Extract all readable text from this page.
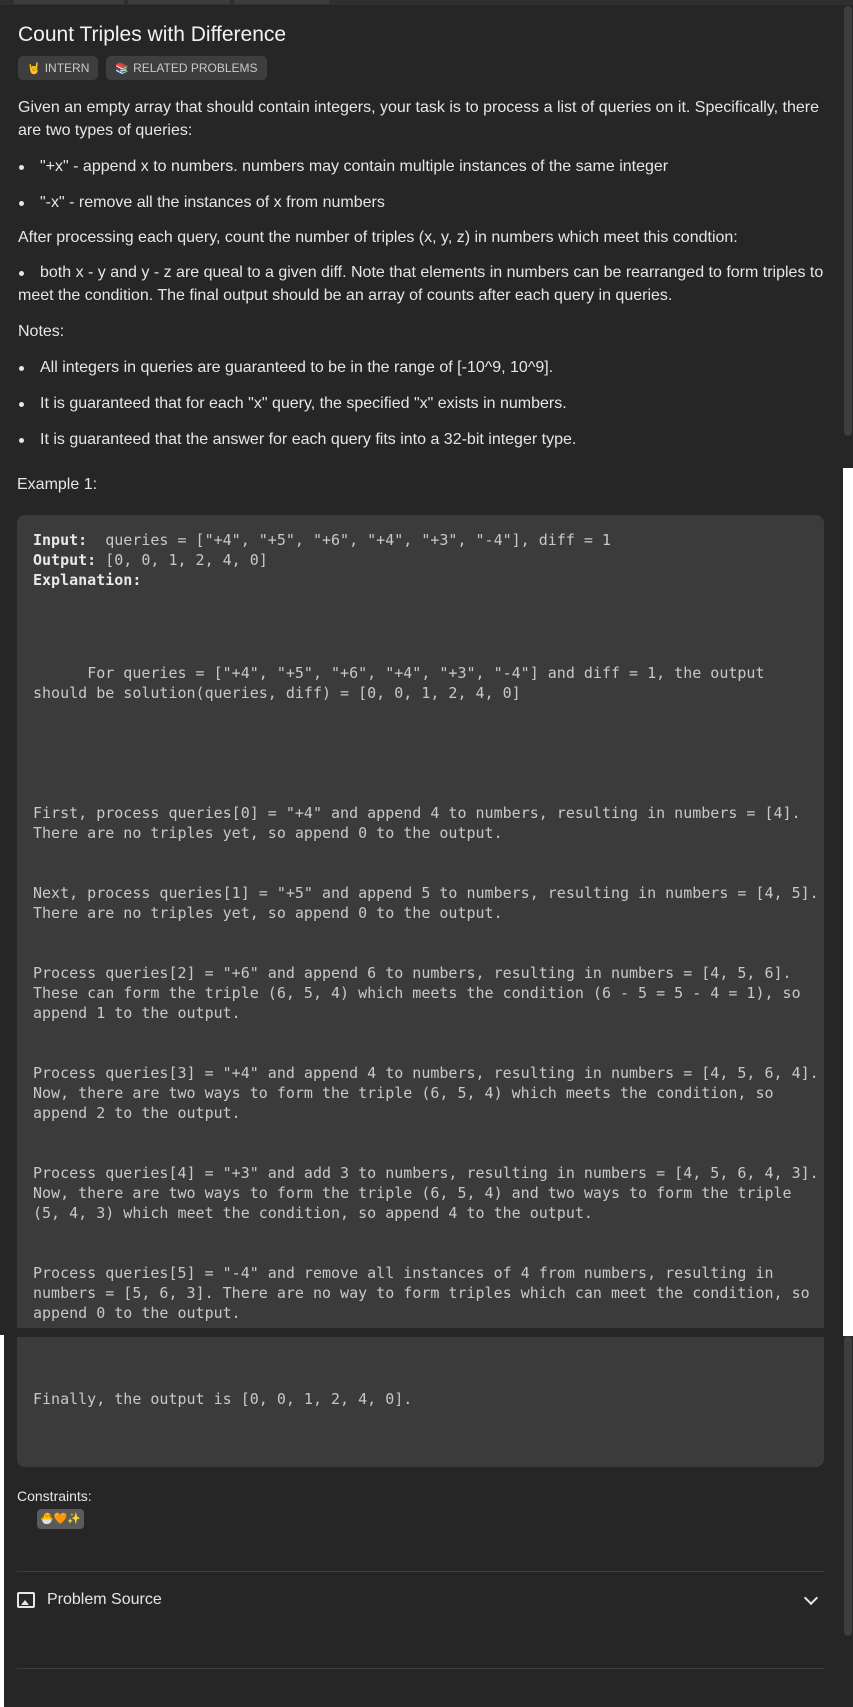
Count Triples with Difference
🤘 INTERN 📚 RELATED PROBLEMS

Given an empty array that should contain integers, your task is to process a list of queries on it. Specifically, there are two types of queries:

"+x" - append x to numbers. numbers may contain multiple instances of the same integer
"-x" - remove all the instances of x from numbers

After processing each query, count the number of triples (x, y, z) in numbers which meet this condtion:

both x - y and y - z are queal to a given diff. Note that elements in numbers can be rearranged to form triples to meet the condition. The final output should be an array of counts after each query in queries.

Notes:

All integers in queries are guaranteed to be in the range of [-10^9, 10^9].
It is guaranteed that for each "x" query, the specified "x" exists in numbers.
It is guaranteed that the answer for each query fits into a 32-bit integer type.

Example 1:

Input:  queries = ["+4", "+5", "+6", "+4", "+3", "-4"], diff = 1
Output: [0, 0, 1, 2, 4, 0]
Explanation:
For queries = ["+4", "+5", "+6", "+4", "+3", "-4"] and diff = 1, the output should be solution(queries, diff) = [0, 0, 1, 2, 4, 0]
First, process queries[0] = "+4" and append 4 to numbers, resulting in numbers = [4]. There are no triples yet, so append 0 to the output.
Next, process queries[1] = "+5" and append 5 to numbers, resulting in numbers = [4, 5]. There are no triples yet, so append 0 to the output.
Process queries[2] = "+6" and append 6 to numbers, resulting in numbers = [4, 5, 6]. These can form the triple (6, 5, 4) which meets the condition (6 - 5 = 5 - 4 = 1), so append 1 to the output.
Process queries[3] = "+4" and append 4 to numbers, resulting in numbers = [4, 5, 6, 4]. Now, there are two ways to form the triple (6, 5, 4) which meets the condition, so append 2 to the output.
Process queries[4] = "+3" and add 3 to numbers, resulting in numbers = [4, 5, 6, 4, 3]. Now, there are two ways to form the triple (6, 5, 4) and two ways to form the triple (5, 4, 3) which meet the condition, so append 4 to the output.
Process queries[5] = "-4" and remove all instances of 4 from numbers, resulting in numbers = [5, 6, 3]. There are no way to form triples which can meet the condition, so append 0 to the output.
Finally, the output is [0, 0, 1, 2, 4, 0].
Constraints:
🐣🧡✨
Problem Source
